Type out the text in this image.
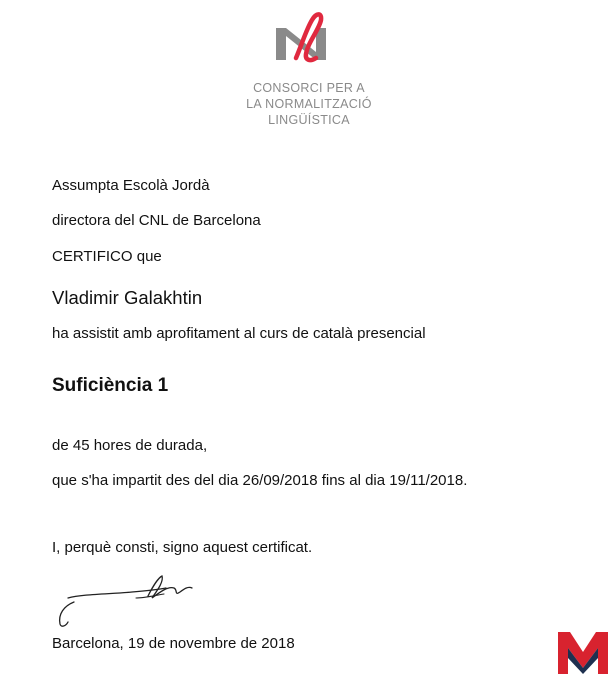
CONSORCI PER A
LA NORMALITZACIÓ
LINGÜÍSTICA
Assumpta Escolà Jordà
directora del CNL de Barcelona
CERTIFICO que
Vladimir Galakhtin
ha assistit amb aprofitament al curs de català presencial
Suficiència 1
de 45 hores de durada,
que s'ha impartit des del dia 26/09/2018 fins al dia 19/11/2018.
I, perquè consti, signo aquest certificat.
Barcelona, 19 de novembre de 2018
